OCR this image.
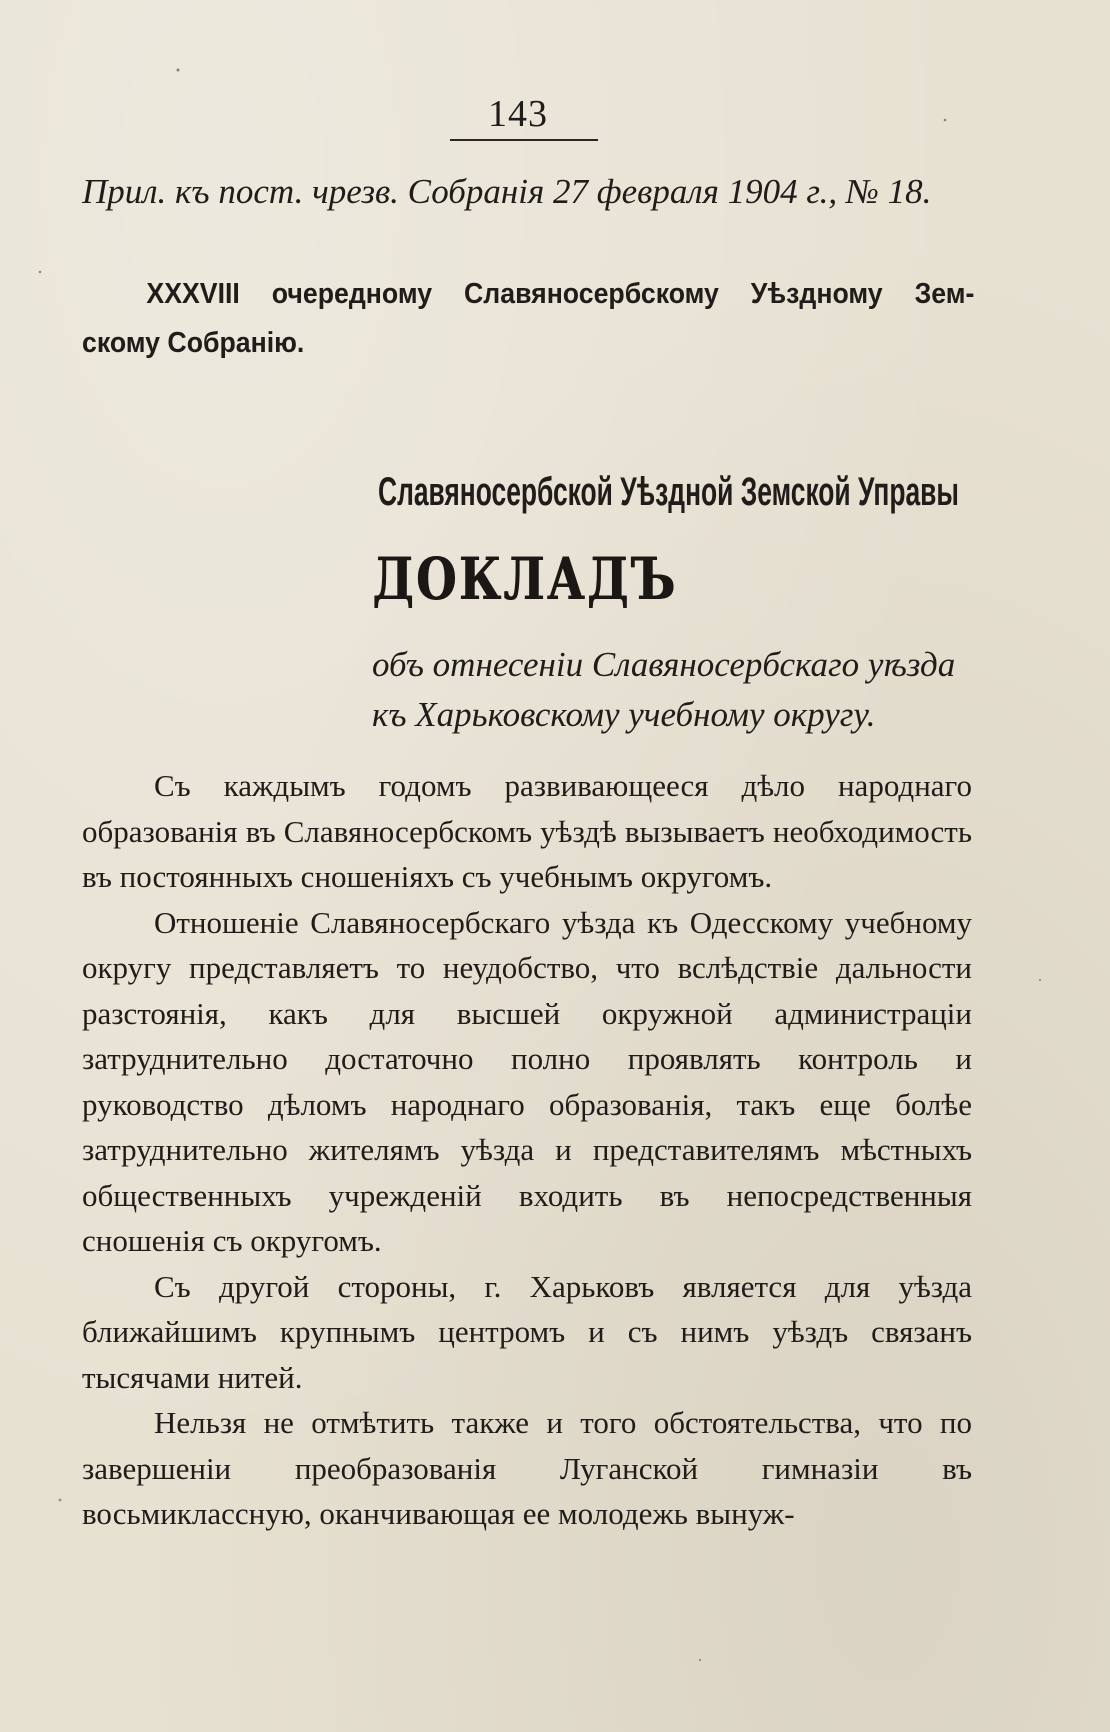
143
Прил. къ пост. чрезв. Собранія 27 февраля 1904 г., № 18.
XXXVIII очередному Славяносербскому Уѣздному Зем-
скому Собранію.
Славяносербской Уѣздной Земской Управы
ДОКЛАДЪ
объ отнесеніи Славяносербскаго уѣзда
къ Харьковскому учебному округу.

Съ каждымъ годомъ развивающееся дѣло народнаго образованія въ Славяносербскомъ уѣздѣ вызываетъ необходимость въ постоянныхъ сношеніяхъ съ учебнымъ округомъ.

Отношеніе Славяносербскаго уѣзда къ Одесскому учебному округу представляетъ то неудобство, что вслѣдствіе дальности разстоянія, какъ для высшей окружной администраціи затруднительно достаточно полно проявлять контроль и руководство дѣломъ народнаго образованія, такъ еще болѣе затруднительно жителямъ уѣзда и представителямъ мѣстныхъ общественныхъ учрежденій входить въ непосредственныя сношенія съ округомъ.

Съ другой стороны, г. Харьковъ является для уѣзда ближайшимъ крупнымъ центромъ и съ нимъ уѣздъ связанъ тысячами нитей.

Нельзя не отмѣтить также и того обстоятельства, что по завершеніи преобразованія Луганской гимназіи въ восьмиклассную, оканчивающая ее молодежь вынуж-
